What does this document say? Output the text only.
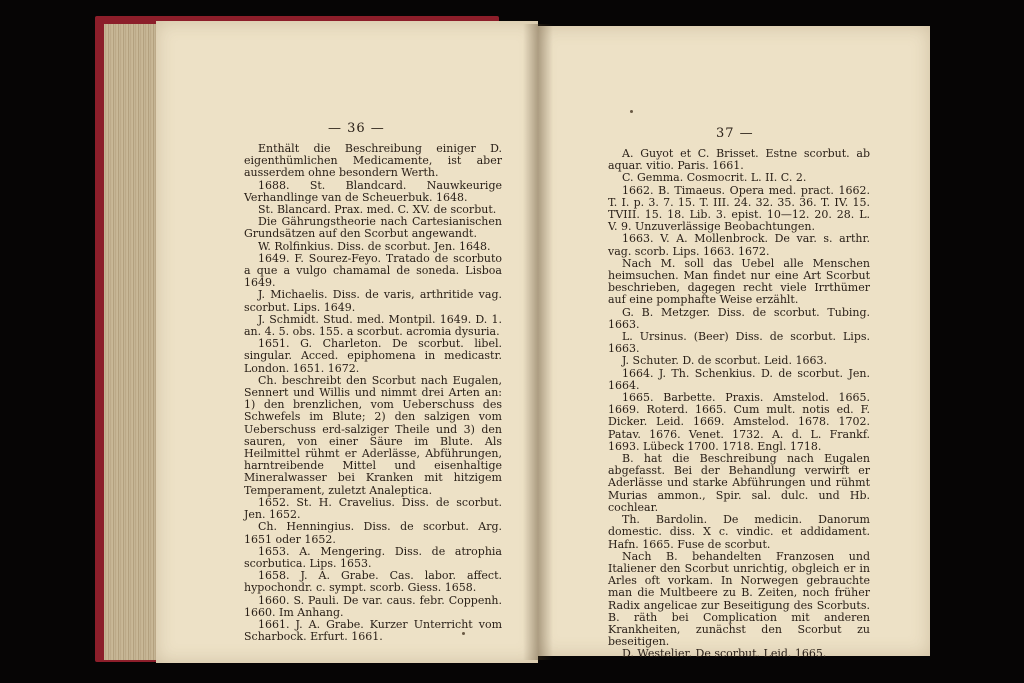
— 36 —

Enthält die Beschreibung einiger D. eigenthümlichen Medicamente, ist aber ausserdem ohne besondern Werth.

1688. St. Blandcard. Nauwkeurige Verhandlinge van de Scheuerbuk. 1648.

St. Blancard. Prax. med. C. XV. de scorbut.

Die Gährungstheorie nach Cartesianischen Grundsätzen auf den Scorbut angewandt.

W. Rolfinkius. Diss. de scorbut. Jen. 1648.

1649. F. Sourez-Feyo. Tratado de scorbuto a que a vulgo chamamal de soneda. Lisboa 1649.

J. Michaelis. Diss. de varis, arthritide vag. scorbut. Lips. 1649.

J. Schmidt. Stud. med. Montpil. 1649. D. 1. an. 4. 5. obs. 155. a scorbut. acromia dysuria.

1651. G. Charleton. De scorbut. libel. singular. Acced. epiphomena in medicastr. London. 1651. 1672.

Ch. beschreibt den Scorbut nach Eugalen, Sennert und Willis und nimmt drei Arten an: 1) den brenzlichen, vom Ueberschuss des Schwefels im Blute; 2) den salzigen vom Ueberschuss erd-salziger Theile und 3) den sauren, von einer Säure im Blute. Als Heilmittel rühmt er Aderlässe, Abführungen, harntreibende Mittel und eisenhaltige Mineralwasser bei Kranken mit hitzigem Temperament, zuletzt Analeptica.

1652. St. H. Cravelius. Diss. de scorbut. Jen. 1652.

Ch. Henningius. Diss. de scorbut. Arg. 1651 oder 1652.

1653. A. Mengering. Diss. de atrophia scorbutica. Lips. 1653.

1658. J. A. Grabe. Cas. labor. affect. hypochondr. c. sympt. scorb. Giess. 1658.

1660. S. Pauli. De var. caus. febr. Coppenh. 1660. Im Anhang.

1661. J. A. Grabe. Kurzer Unterricht vom Scharbock. Erfurt. 1661.

37 —

A. Guyot et C. Brisset. Estne scorbut. ab aquar. vitio. Paris. 1661.

C. Gemma. Cosmocrit. L. II. C. 2.

1662. B. Timaeus. Opera med. pract. 1662. T. I. p. 3. 7. 15. T. III. 24. 32. 35. 36. T. IV. 15. TVIII. 15. 18. Lib. 3. epist. 10—12. 20. 28. L. V. 9. Unzuverlässige Beobachtungen.

1663. V. A. Mollenbrock. De var. s. arthr. vag. scorb. Lips. 1663. 1672.

Nach M. soll das Uebel alle Menschen heimsuchen. Man findet nur eine Art Scorbut beschrieben, dagegen recht viele Irrthümer auf eine pomphafte Weise erzählt.

G. B. Metzger. Diss. de scorbut. Tubing. 1663.

L. Ursinus. (Beer) Diss. de scorbut. Lips. 1663.

J. Schuter. D. de scorbut. Leid. 1663.

1664. J. Th. Schenkius. D. de scorbut. Jen. 1664.

1665. Barbette. Praxis. Amstelod. 1665. 1669. Roterd. 1665. Cum mult. notis ed. F. Dicker. Leid. 1669. Amstelod. 1678. 1702. Patav. 1676. Venet. 1732. A. d. L. Frankf. 1693. Lübeck 1700. 1718. Engl. 1718.

B. hat die Beschreibung nach Eugalen abgefasst. Bei der Behandlung verwirft er Aderlässe und starke Abführungen und rühmt Murias ammon., Spir. sal. dulc. und Hb. cochlear.

Th. Bardolin. De medicin. Danorum domestic. diss. X c. vindic. et addidament. Hafn. 1665. Fuse de scorbut.

Nach B. behandelten Franzosen und Italiener den Scorbut unrichtig, obgleich er in Arles oft vorkam. In Norwegen gebrauchte man die Multbeere zu B. Zeiten, noch früher Radix angelicae zur Beseitigung des Scorbuts. B. räth bei Complication mit anderen Krankheiten, zunächst den Scorbut zu beseitigen.

D. Westelier. De scorbut. Leid. 1665.
